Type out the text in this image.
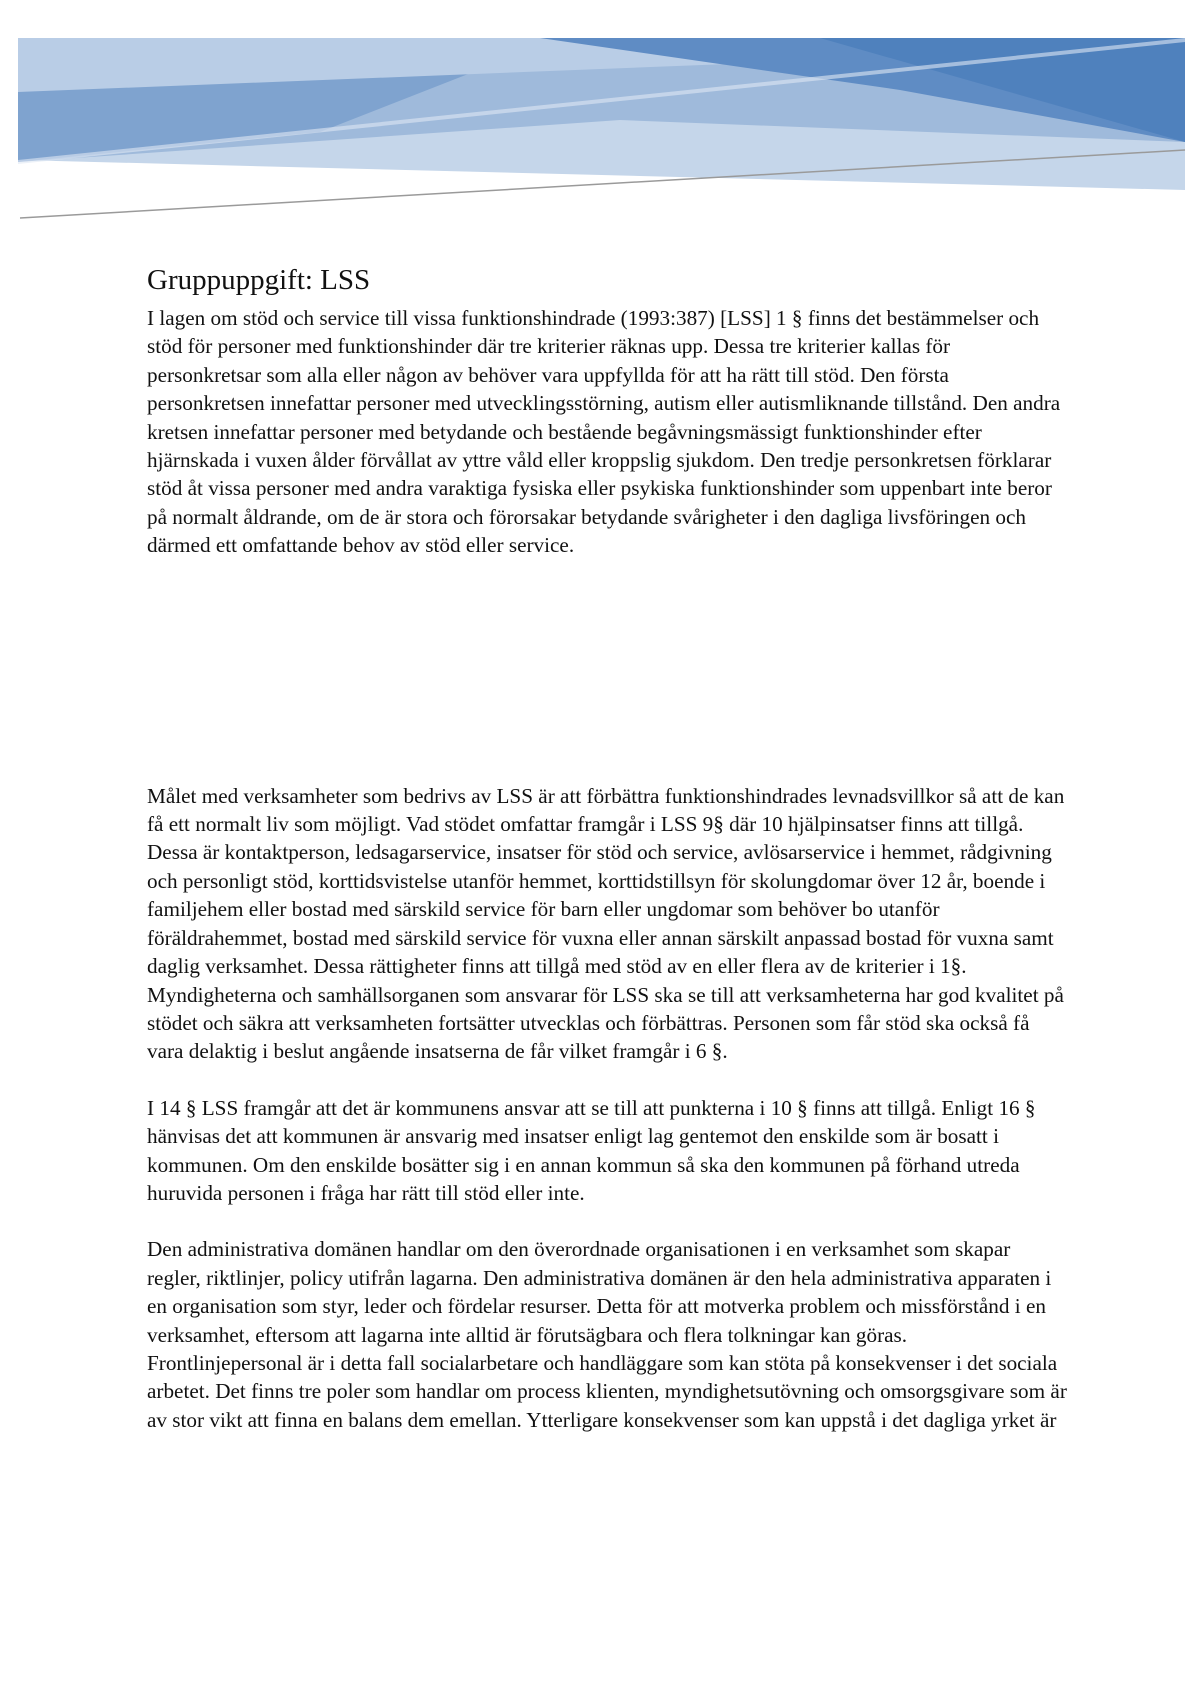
Gruppuppgift: LSS

I lagen om stöd och service till vissa funktionshindrade (1993:387) [LSS] 1 § finns det bestämmelser och stöd för personer med funktionshinder där tre kriterier räknas upp. Dessa tre kriterier kallas för personkretsar som alla eller någon av behöver vara uppfyllda för att ha rätt till stöd. Den första personkretsen innefattar personer med utvecklingsstörning, autism eller autismliknande tillstånd. Den andra kretsen innefattar personer med betydande och bestående begåvningsmässigt funktionshinder efter hjärnskada i vuxen ålder förvållat av yttre våld eller kroppslig sjukdom. Den tredje personkretsen förklarar stöd åt vissa personer med andra varaktiga fysiska eller psykiska funktionshinder som uppenbart inte beror på normalt åldrande, om de är stora och förorsakar betydande svårigheter i den dagliga livsföringen och därmed ett omfattande behov av stöd eller service.

Målet med verksamheter som bedrivs av LSS är att förbättra funktionshindrades levnadsvillkor så att de kan få ett normalt liv som möjligt. Vad stödet omfattar framgår i LSS 9§ där 10 hjälpinsatser finns att tillgå. Dessa är kontaktperson, ledsagarservice, insatser för stöd och service, avlösarservice i hemmet, rådgivning och personligt stöd, korttidsvistelse utanför hemmet, korttidstillsyn för skolungdomar över 12 år, boende i familjehem eller bostad med särskild service för barn eller ungdomar som behöver bo utanför föräldrahemmet, bostad med särskild service för vuxna eller annan särskilt anpassad bostad för vuxna samt daglig verksamhet. Dessa rättigheter finns att tillgå med stöd av en eller flera av de kriterier i 1§. Myndigheterna och samhällsorganen som ansvarar för LSS ska se till att verksamheterna har god kvalitet på stödet och säkra att verksamheten fortsätter utvecklas och förbättras. Personen som får stöd ska också få vara delaktig i beslut angående insatserna de får vilket framgår i 6 §.

I 14 § LSS framgår att det är kommunens ansvar att se till att punkterna i 10 § finns att tillgå. Enligt 16 § hänvisas det att kommunen är ansvarig med insatser enligt lag gentemot den enskilde som är bosatt i kommunen. Om den enskilde bosätter sig i en annan kommun så ska den kommunen på förhand utreda huruvida personen i fråga har rätt till stöd eller inte.

Den administrativa domänen handlar om den överordnade organisationen i en verksamhet som skapar regler, riktlinjer, policy utifrån lagarna. Den administrativa domänen är den hela administrativa apparaten i en organisation som styr, leder och fördelar resurser. Detta för att motverka problem och missförstånd i en verksamhet, eftersom att lagarna inte alltid är förutsägbara och flera tolkningar kan göras. Frontlinjepersonal är i detta fall socialarbetare och handläggare som kan stöta på konsekvenser i det sociala arbetet. Det finns tre poler som handlar om process klienten, myndighetsutövning och omsorgsgivare som är av stor vikt att finna en balans dem emellan. Ytterligare konsekvenser som kan uppstå i det dagliga yrket är
